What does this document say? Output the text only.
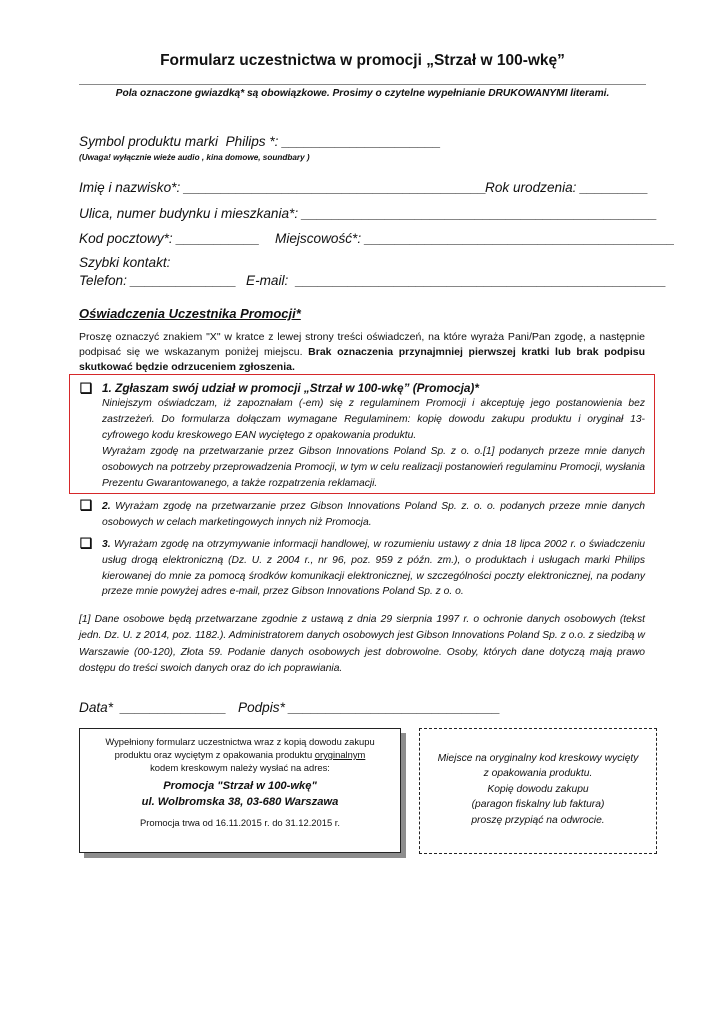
Formularz uczestnictwa w promocji „Strzał w 100-wkę”
Pola oznaczone gwiazdką* są obowiązkowe. Prosimy o czytelne wypełnianie DRUKOWANYMI literami.
Symbol produktu marki  Philips *: _____________________
(Uwaga! wyłącznie wieże audio , kina domowe, soundbary )
Imię i nazwisko*: ________________________________________
Rok urodzenia: _________
Ulica, numer budynku i mieszkania*: _______________________________________________
Kod pocztowy*: ___________ Miejscowość*: _________________________________________
Szybki kontakt:
Telefon: ______________ E-mail:  _________________________________________________
Oświadczenia Uczestnika Promocji*
Proszę oznaczyć znakiem "X" w kratce z lewej strony treści oświadczeń, na które wyraża Pani/Pan zgodę, a następnie podpisać się we wskazanym poniżej miejscu. Brak oznaczenia przynajmniej pierwszej kratki lub brak podpisu skutkować będzie odrzuceniem zgłoszenia.
❏ 1. Zgłaszam swój udział w promocji „Strzał w 100-wkę” (Promocja)*
Niniejszym oświadczam, iż zapoznałam (-em) się z regulaminem Promocji i akceptuję jego postanowienia bez zastrzeżeń. Do formularza dołączam wymagane Regulaminem: kopię dowodu zakupu produktu i oryginał 13-cyfrowego kodu kreskowego EAN wyciętego z opakowania produktu.
Wyrażam zgodę na przetwarzanie przez Gibson Innovations Poland Sp. z o. o.[1] podanych przeze mnie danych osobowych na potrzeby przeprowadzenia Promocji, w tym w celu realizacji postanowień regulaminu Promocji, wysłania Prezentu Gwarantowanego, a także rozpatrzenia reklamacji.
❏ 2. Wyrażam zgodę na przetwarzanie przez Gibson Innovations Poland Sp. z. o. o. podanych przeze mnie danych osobowych w celach marketingowych innych niż Promocja.
❏ 3. Wyrażam zgodę na otrzymywanie informacji handlowej, w rozumieniu ustawy z dnia 18 lipca 2002 r. o świadczeniu usług drogą elektroniczną (Dz. U. z 2004 r., nr 96, poz. 959 z późn. zm.), o produktach i usługach marki Philips kierowanej do mnie za pomocą środków komunikacji elektronicznej, w szczególności poczty elektronicznej, na podany przeze mnie powyżej adres e-mail, przez Gibson Innovations Poland Sp. z o. o.
[1] Dane osobowe będą przetwarzane zgodnie z ustawą z dnia 29 sierpnia 1997 r. o ochronie danych osobowych (tekst jedn. Dz. U. z 2014, poz. 1182.). Administratorem danych osobowych jest Gibson Innovations Poland Sp. z o.o. z siedzibą w Warszawie (00-120), Złota 59. Podanie danych osobowych jest dobrowolne. Osoby, których dane dotyczą mają prawo dostępu do treści swoich danych oraz do ich poprawiania.
Data*  ______________ Podpis* ____________________________
Wypełniony formularz uczestnictwa wraz z kopią dowodu zakupu
produktu oraz wyciętym z opakowania produktu oryginalnym
kodem kreskowym należy wysłać na adres:
Promocja "Strzał w 100-wkę"
ul. Wolbromska 38, 03-680 Warszawa
Promocja trwa od 16.11.2015 r. do 31.12.2015 r.
Miejsce na oryginalny kod kreskowy wycięty
z opakowania produktu.
Kopię dowodu zakupu
(paragon fiskalny lub faktura)
proszę przypiąć na odwrocie.
